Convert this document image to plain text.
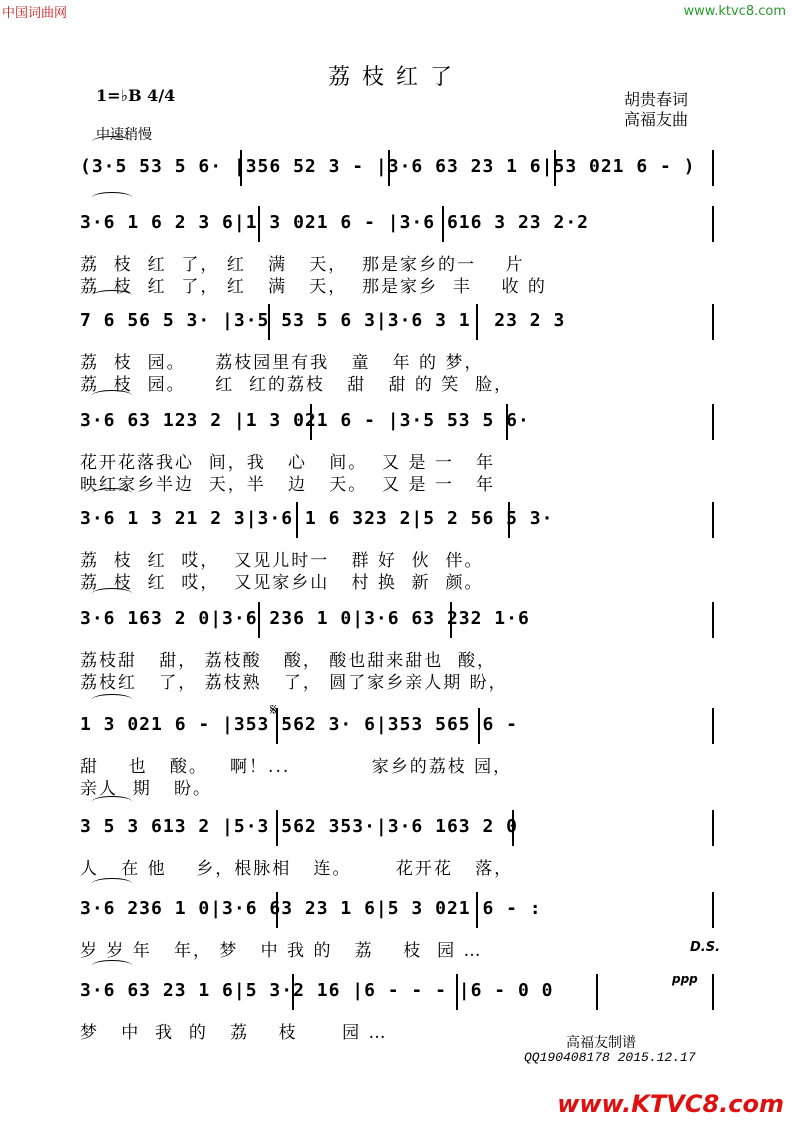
中国词曲网	www.ktvc8.com
荔枝红了
1=♭B 4/4	胡贵春词
高福友曲
中速稍慢
(3·5 53 5 6· |356 52 3 - |3·6 63 23 1 6|53 021 6 - )
3·6 1 6 2 3 6|1 3 021 6 - |3·6 616 3 23 2·2
荔  枝  红  了， 红   满   天，  那是家乡的一    片
荔  枝  红  了， 红   满   天，  那是家乡  丰    收 的
7 6 56 5 3· |3·5 53 5 6 3|3·6 3 1  23 2 3
荔  枝  园。    荔枝园里有我   童   年 的 梦，
荔  枝  园。    红  红的荔枝   甜   甜 的 笑  脸，
3·6 63 123 2 |1 3 021 6 - |3·5 53 5 6·
花开花落我心  间，我   心   间。  又 是 一   年
映红家乡半边  天，半   边   天。  又 是 一   年
3·6 1 3 21 2 3|3·6 1 6 323 2|5 2 56 5 3·
荔  枝  红  哎，  又见儿时一   群 好  伙  伴。
荔  枝  红  哎，  又见家乡山   村 换  新  颜。
3·6 163 2 0|3·6 236 1 0|3·6 63 232 1·6
荔枝甜   甜， 荔枝酸   酸， 酸也甜来甜也  酸，
荔枝红   了， 荔枝熟   了， 圆了家乡亲人期 盼，
1 3 021 6 - |353 562 3· 6|353 565 6 -
甜    也   酸。   啊！...           家乡的荔枝 园，
亲人  期   盼。
3 5 3 613 2 |5·3 562 353·|3·6 163 2 0
人   在 他    乡，根脉相   连。      花开花   落，
3·6 236 1 0|3·6 63 23 1 6|5 3 021 6 - :
岁 岁 年   年， 梦   中 我 的   荔    枝  园 …
3·6 63 23 1 6|5 3·2 16 |6 - - - |6 - 0 0
梦   中  我  的   荔    枝      园 …
𝄋
D.S.
ppp
高福友制谱
QQ190408178 2015.12.17
www.KTVC8.com
